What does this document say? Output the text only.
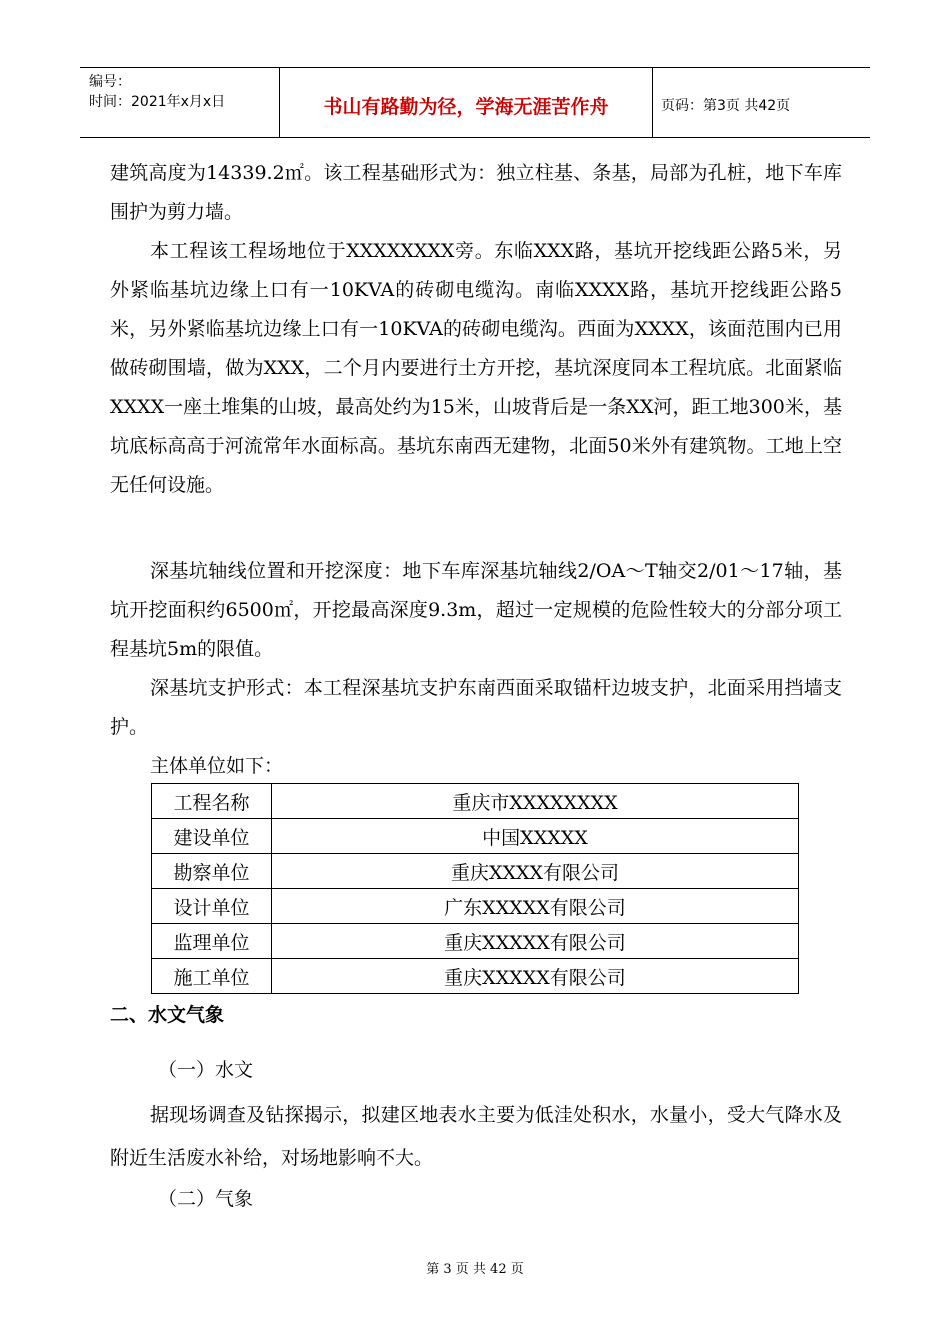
编号：
时间：2021年x月x日	书山有路勤为径，学海无涯苦作舟	页码：第3页 共42页

建筑高度为14339.2㎡。该工程基础形式为：独立柱基、条基，局部为孔桩，地下车库围护为剪力墙。

本工程该工程场地位于XXXXXXXX旁。东临XXX路，基坑开挖线距公路5米，另外紧临基坑边缘上口有一10KVA的砖砌电缆沟。南临XXXX路，基坑开挖线距公路5米，另外紧临基坑边缘上口有一10KVA的砖砌电缆沟。西面为XXXX，该面范围内已用做砖砌围墙，做为XXX，二个月内要进行土方开挖，基坑深度同本工程坑底。北面紧临XXXX一座土堆集的山坡，最高处约为15米，山坡背后是一条XX河，距工地300米，基坑底标高高于河流常年水面标高。基坑东南西无建物，北面50米外有建筑物。工地上空无任何设施。

深基坑轴线位置和开挖深度：地下车库深基坑轴线2/OA～T轴交2/01～17轴，基坑开挖面积约6500㎡，开挖最高深度9.3m，超过一定规模的危险性较大的分部分项工程基坑5m的限值。

深基坑支护形式：本工程深基坑支护东南西面采取锚杆边坡支护，北面采用挡墙支护。

主体单位如下：

工程名称	重庆市XXXXXXXX
建设单位	中国XXXXX
勘察单位	重庆XXXX有限公司
设计单位	广东XXXXX有限公司
监理单位	重庆XXXXX有限公司
施工单位	重庆XXXXX有限公司
二、水文气象
（一）水文

据现场调查及钻探揭示，拟建区地表水主要为低洼处积水，水量小，受大气降水及附近生活废水补给，对场地影响不大。

（二）气象
第 3 页 共 42 页
